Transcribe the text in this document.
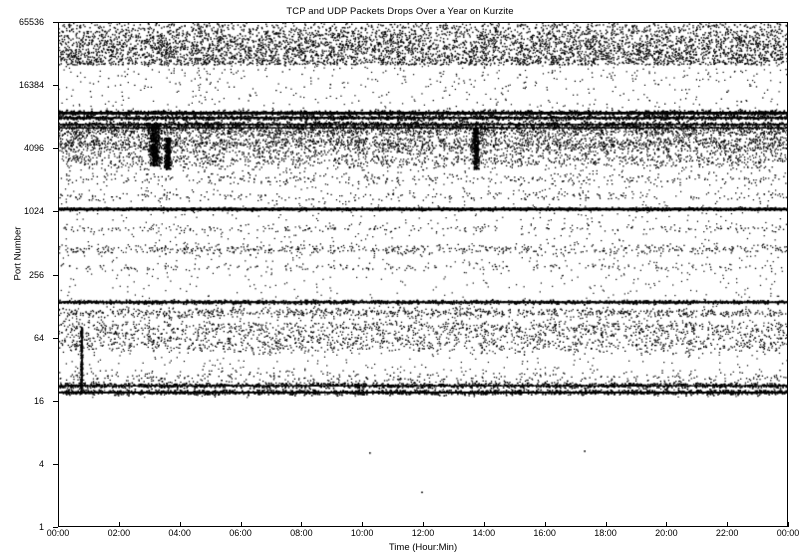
TCP and UDP Packets Drops Over a Year on Kurzite
1
4
16
64
256
1024
4096
16384
65536
Port Number
Time (Hour:Min)
00:00	02:00	04:00	06:00	08:00	10:00	12:00	14:00	16:00	18:00	20:00	22:00	00:00
